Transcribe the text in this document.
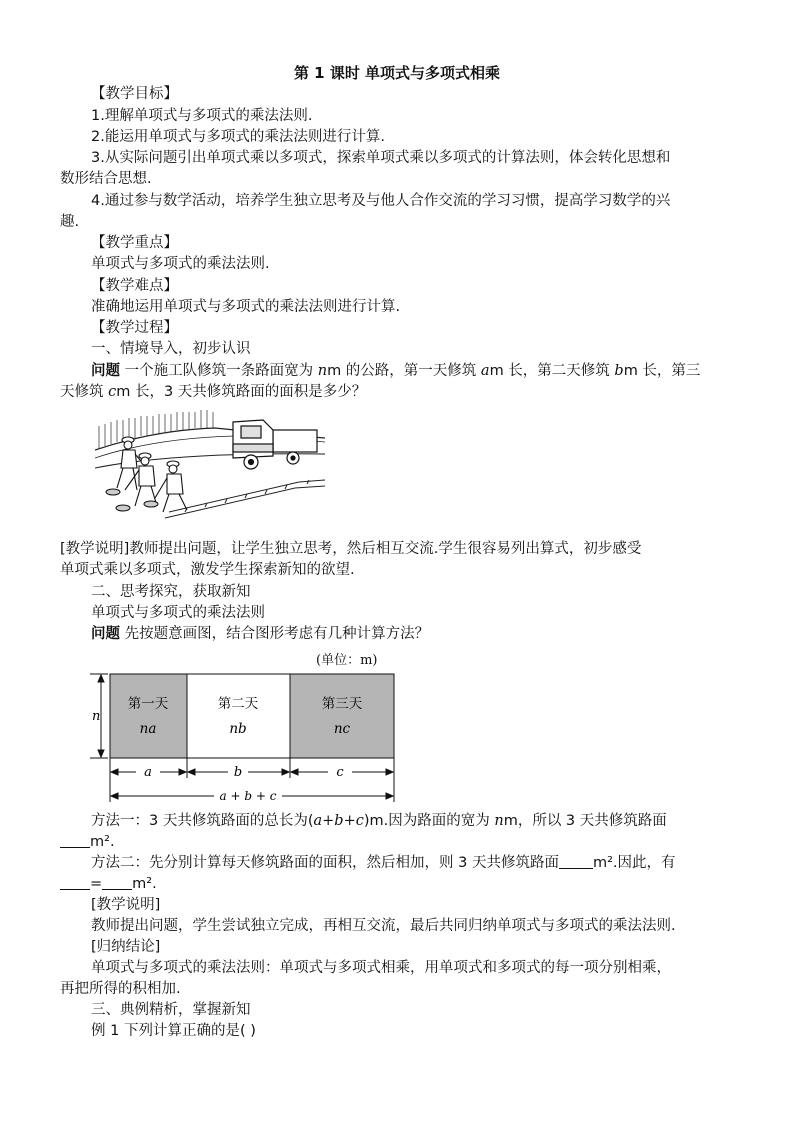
第 1 课时 单项式与多项式相乘
【教学目标】
1.理解单项式与多项式的乘法法则.
2.能运用单项式与多项式的乘法法则进行计算.
3.从实际问题引出单项式乘以多项式，探索单项式乘以多项式的计算法则，体会转化思想和
数形结合思想.
4.通过参与数学活动，培养学生独立思考及与他人合作交流的学习习惯，提高学习数学的兴
趣.
【教学重点】
单项式与多项式的乘法法则.
【教学难点】
准确地运用单项式与多项式的乘法法则进行计算.
【教学过程】
一、情境导入，初步认识
问题 一个施工队修筑一条路面宽为 nm 的公路，第一天修筑 am 长，第二天修筑 bm 长，第三
天修筑 cm 长，3 天共修筑路面的面积是多少？
[教学说明]教师提出问题，让学生独立思考，然后相互交流.学生很容易列出算式，初步感受
单项式乘以多项式，激发学生探索新知的欲望.
二、思考探究，获取新知
单项式与多项式的乘法法则
问题 先按题意画图，结合图形考虑有几种计算方法？
(单位：m)
第一天
na
第二天
nb
第三天
nc
n
a	b	c
a + b + c
方法一：3 天共修筑路面的总长为(a+b+c)m.因为路面的宽为 nm，所以 3 天共修筑路面
m².
方法二：先分别计算每天修筑路面的面积，然后相加，则 3 天共修筑路面 m².因此，有
= m².
[教学说明]
教师提出问题，学生尝试独立完成，再相互交流，最后共同归纳单项式与多项式的乘法法则.
[归纳结论]
单项式与多项式的乘法法则：单项式与多项式相乘，用单项式和多项式的每一项分别相乘，
再把所得的积相加.
三、典例精析，掌握新知
例 1 下列计算正确的是( )
